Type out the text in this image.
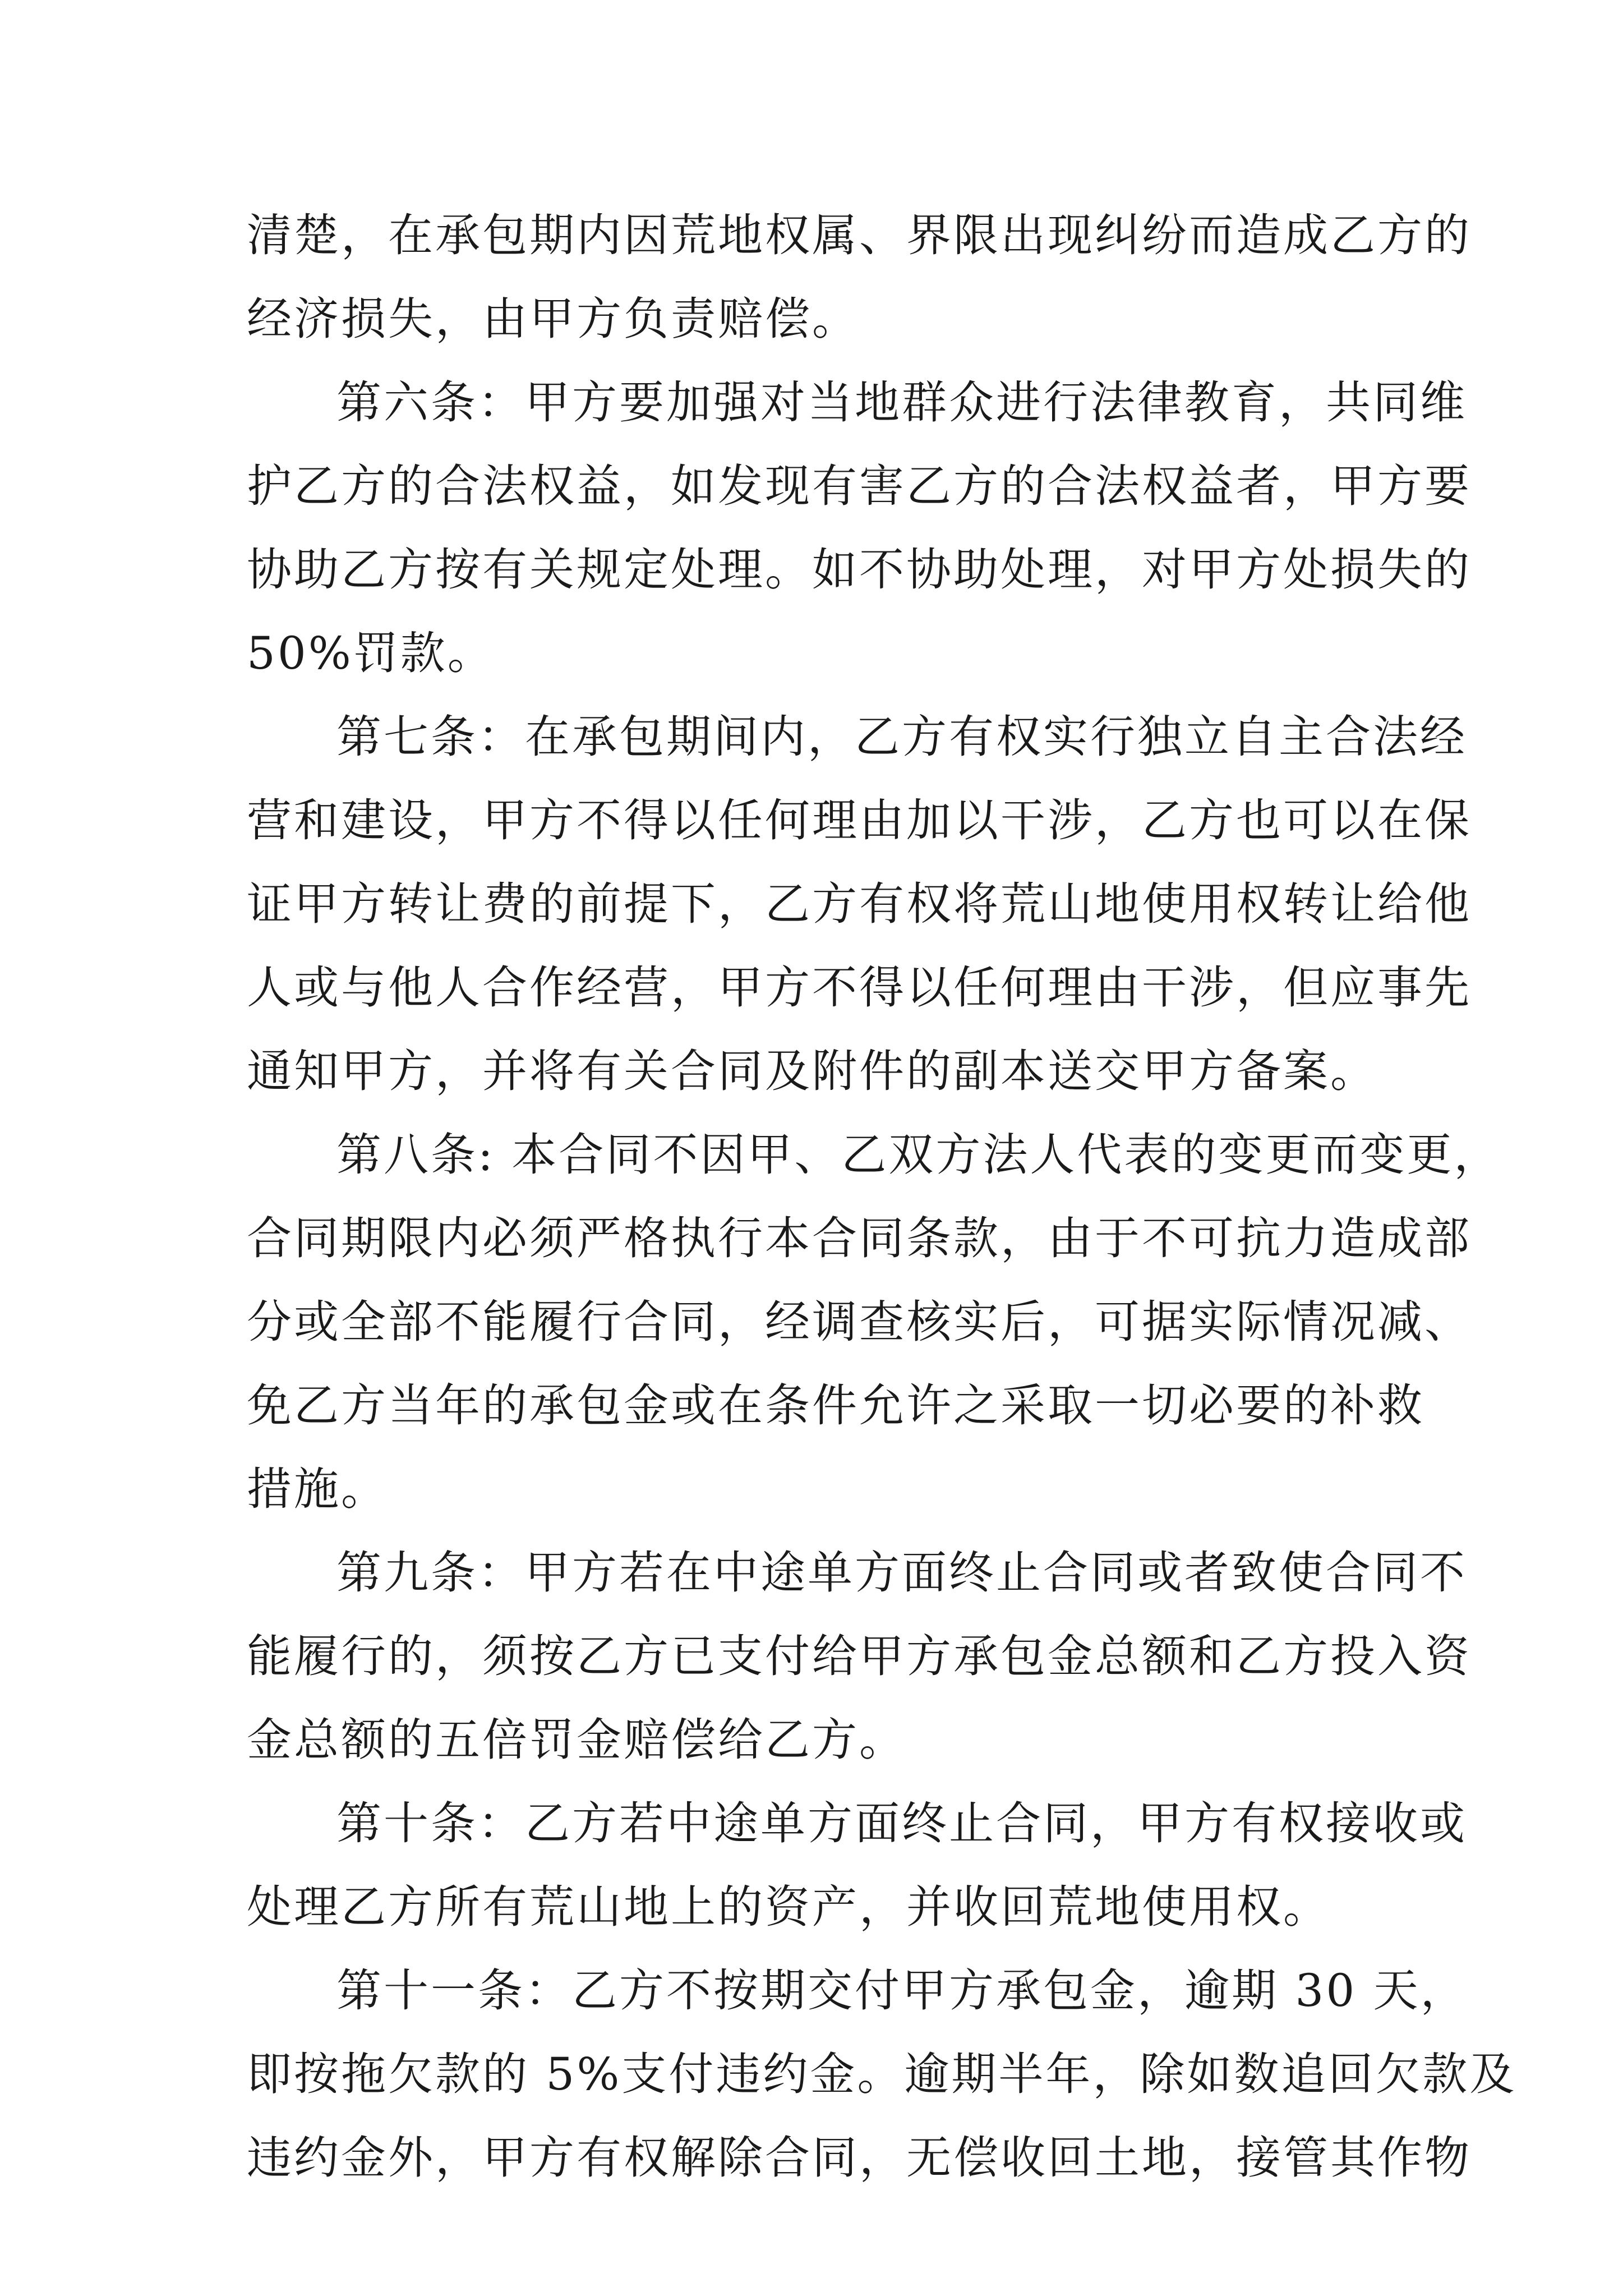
清楚，在承包期内因荒地权属、界限出现纠纷而造成乙方的
经济损失，由甲方负责赔偿。
第六条：甲方要加强对当地群众进行法律教育，共同维
护乙方的合法权益，如发现有害乙方的合法权益者，甲方要
协助乙方按有关规定处理。如不协助处理，对甲方处损失的
50%罚款。
第七条：在承包期间内，乙方有权实行独立自主合法经
营和建设，甲方不得以任何理由加以干涉，乙方也可以在保
证甲方转让费的前提下，乙方有权将荒山地使用权转让给他
人或与他人合作经营，甲方不得以任何理由干涉，但应事先
通知甲方，并将有关合同及附件的副本送交甲方备案。
第八条: 本合同不因甲、乙双方法人代表的变更而变更，
合同期限内必须严格执行本合同条款，由于不可抗力造成部
分或全部不能履行合同，经调查核实后，可据实际情况减、
免乙方当年的承包金或在条件允许之采取一切必要的补救
措施。
第九条：甲方若在中途单方面终止合同或者致使合同不
能履行的，须按乙方已支付给甲方承包金总额和乙方投入资
金总额的五倍罚金赔偿给乙方。
第十条：乙方若中途单方面终止合同，甲方有权接收或
处理乙方所有荒山地上的资产，并收回荒地使用权。
第十一条：乙方不按期交付甲方承包金，逾期 30 天，
即按拖欠款的 5%支付违约金。逾期半年，除如数追回欠款及
违约金外，甲方有权解除合同，无偿收回土地，接管其作物
